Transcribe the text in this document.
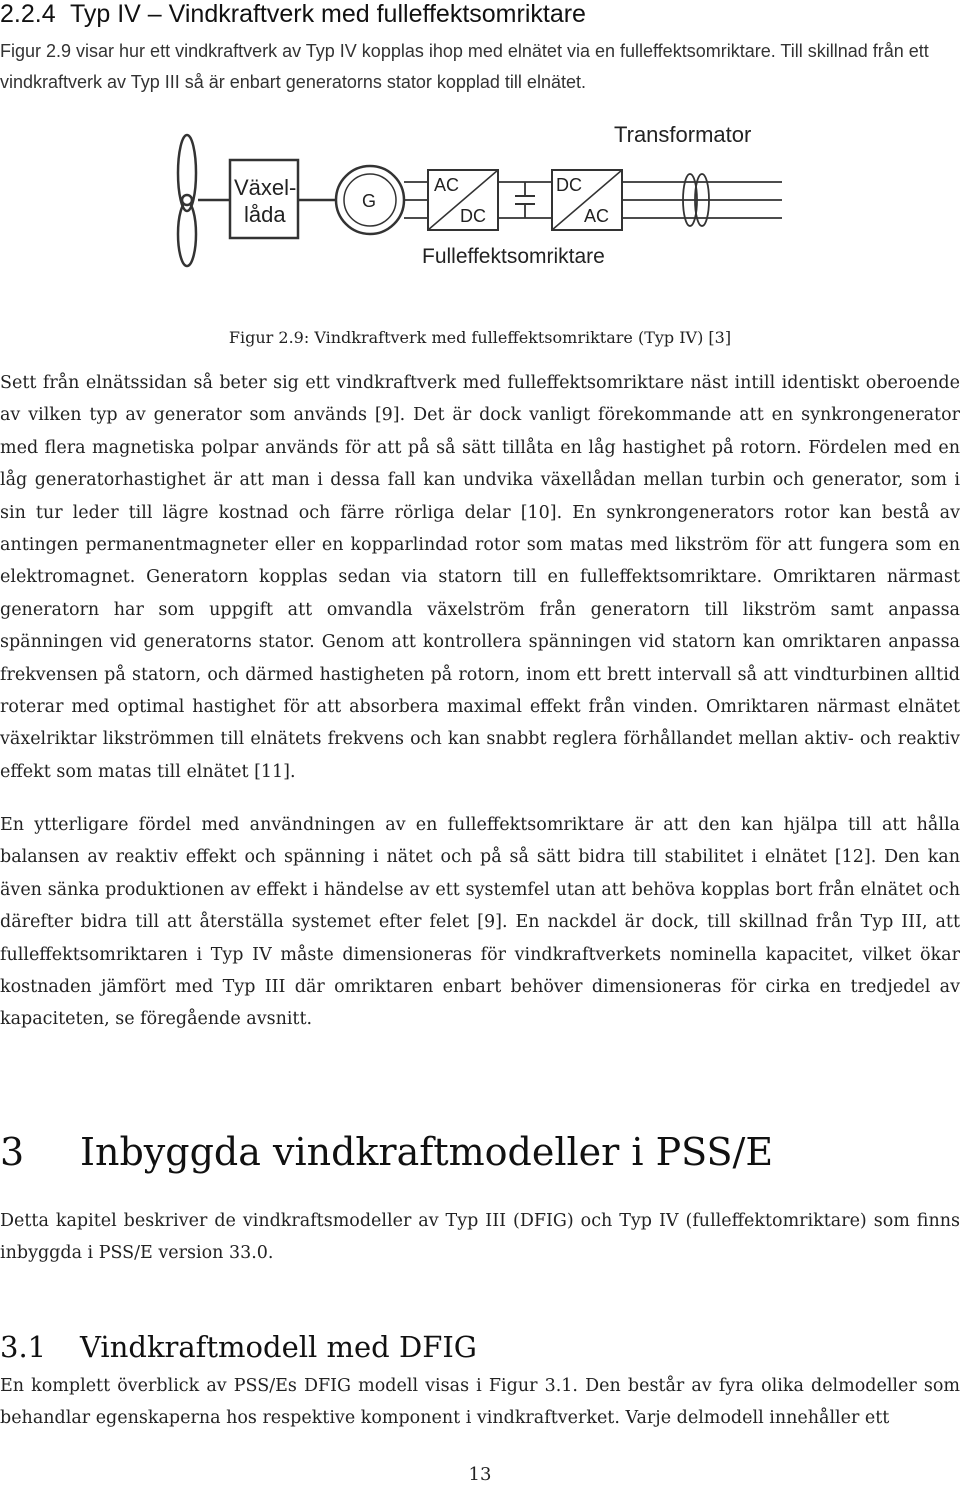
2.2.4 Typ IV – Vindkraftverk med fulleffektsomriktare

Figur 2.9 visar hur ett vindkraftverk av Typ IV kopplas ihop med elnätet via en fulleffektsomriktare. Till skillnad från ett vindkraftverk av Typ III så är enbart generatorns stator kopplad till elnätet.

Växel-
låda
G
AC
DC
DC
AC
Transformator
Fulleffektsomriktare
Figur 2.9: Vindkraftverk med fulleffektsomriktare (Typ IV) [3]

Sett från elnätssidan så beter sig ett vindkraftverk med fulleffektsomriktare näst intill identiskt oberoende av vilken typ av generator som används [9]. Det är dock vanligt förekommande att en synkrongenerator med flera magnetiska polpar används för att på så sätt tillåta en låg hastighet på rotorn. Fördelen med en låg generatorhastighet är att man i dessa fall kan undvika växellådan mellan turbin och generator, som i sin tur leder till lägre kostnad och färre rörliga delar [10]. En synkrongenerators rotor kan bestå av antingen permanentmagneter eller en kopparlindad rotor som matas med likström för att fungera som en elektromagnet. Generatorn kopplas sedan via statorn till en fulleffektsomriktare. Omriktaren närmast generatorn har som uppgift att omvandla växelström från generatorn till likström samt anpassa spänningen vid generatorns stator. Genom att kontrollera spänningen vid statorn kan omriktaren anpassa frekvensen på statorn, och därmed hastigheten på rotorn, inom ett brett intervall så att vindturbinen alltid roterar med optimal hastighet för att absorbera maximal effekt från vinden. Omriktaren närmast elnätet växelriktar likströmmen till elnätets frekvens och kan snabbt reglera förhållandet mellan aktiv- och reaktiv effekt som matas till elnätet [11].

En ytterligare fördel med användningen av en fulleffektsomriktare är att den kan hjälpa till att hålla balansen av reaktiv effekt och spänning i nätet och på så sätt bidra till stabilitet i elnätet [12]. Den kan även sänka produktionen av effekt i händelse av ett systemfel utan att behöva kopplas bort från elnätet och därefter bidra till att återställa systemet efter felet [9]. En nackdel är dock, till skillnad från Typ III, att fulleffektsomriktaren i Typ IV måste dimensioneras för vindkraftverkets nominella kapacitet, vilket ökar kostnaden jämfört med Typ III där omriktaren enbart behöver dimensioneras för cirka en tredjedel av kapaciteten, se föregående avsnitt.

3 Inbyggda vindkraftmodeller i PSS/E

Detta kapitel beskriver de vindkraftsmodeller av Typ III (DFIG) och Typ IV (fulleffektomriktare) som finns inbyggda i PSS/E version 33.0.

3.1 Vindkraftmodell med DFIG

En komplett överblick av PSS/Es DFIG modell visas i Figur 3.1. Den består av fyra olika delmodeller som behandlar egenskaperna hos respektive komponent i vindkraftverket. Varje delmodell innehåller ett

13
